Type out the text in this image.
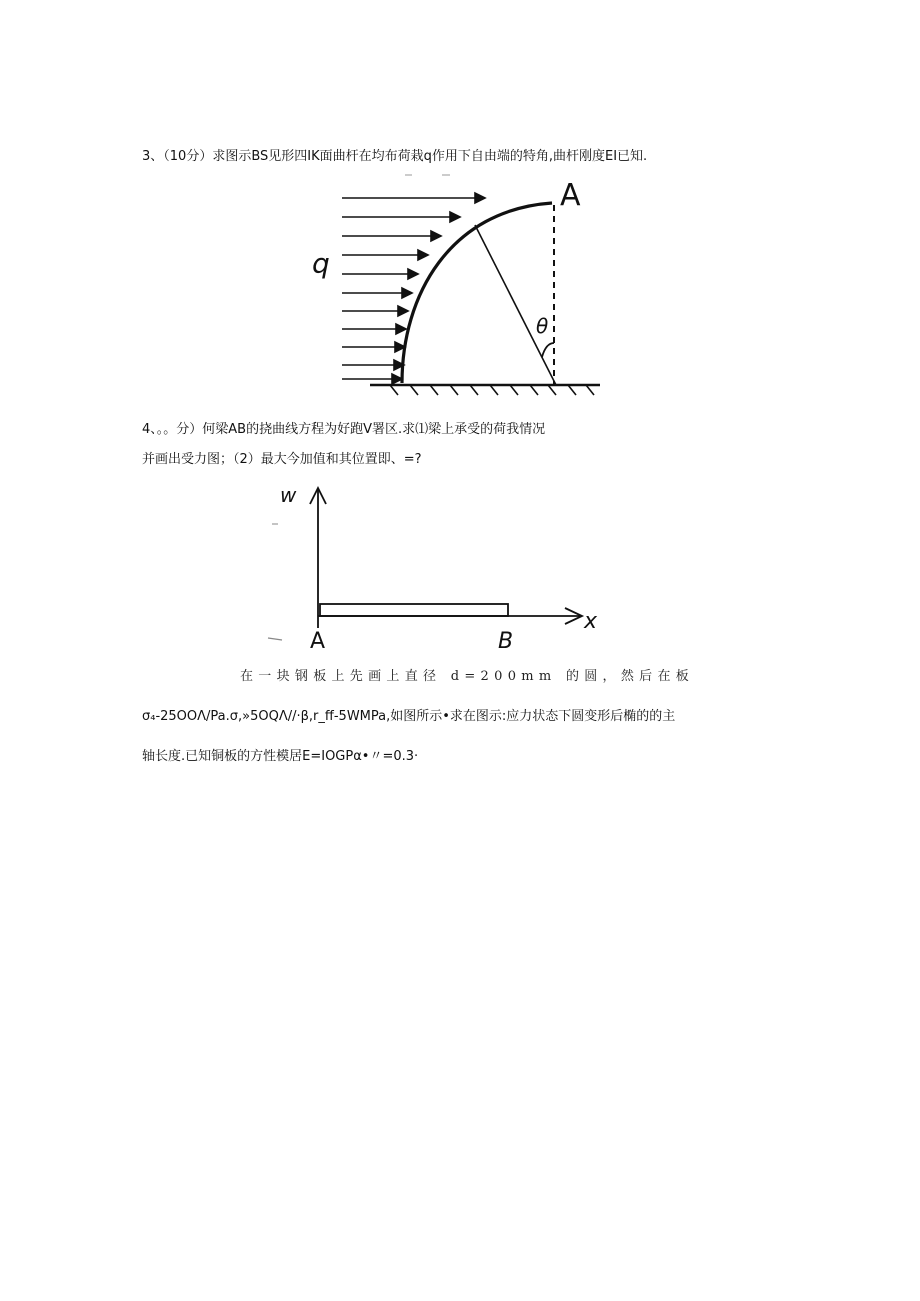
3、（10分）求图示BS见形四IK面曲杆在均布荷栽q作用下自由端的特角,曲杆刚度EI已知.
q
A
θ
4、。。分）何梁AB的挠曲线方程为好跑V署区.求⑴梁上承受的荷我情况
并画出受力图；（2）最大今加值和其位置即、=?
w
A	B
x
在一块钢板上先画上直径 d=200mm 的圆，然后在板
σ₄-25OOΛ/Pa.σ,»5OQΛ//·β,r_ff-5WMPa,如图所示•求在图示:应力状态下圆变形后椭的的主
轴长度.已知铜板的方性模居E=IOGPα•〃=0.3·
